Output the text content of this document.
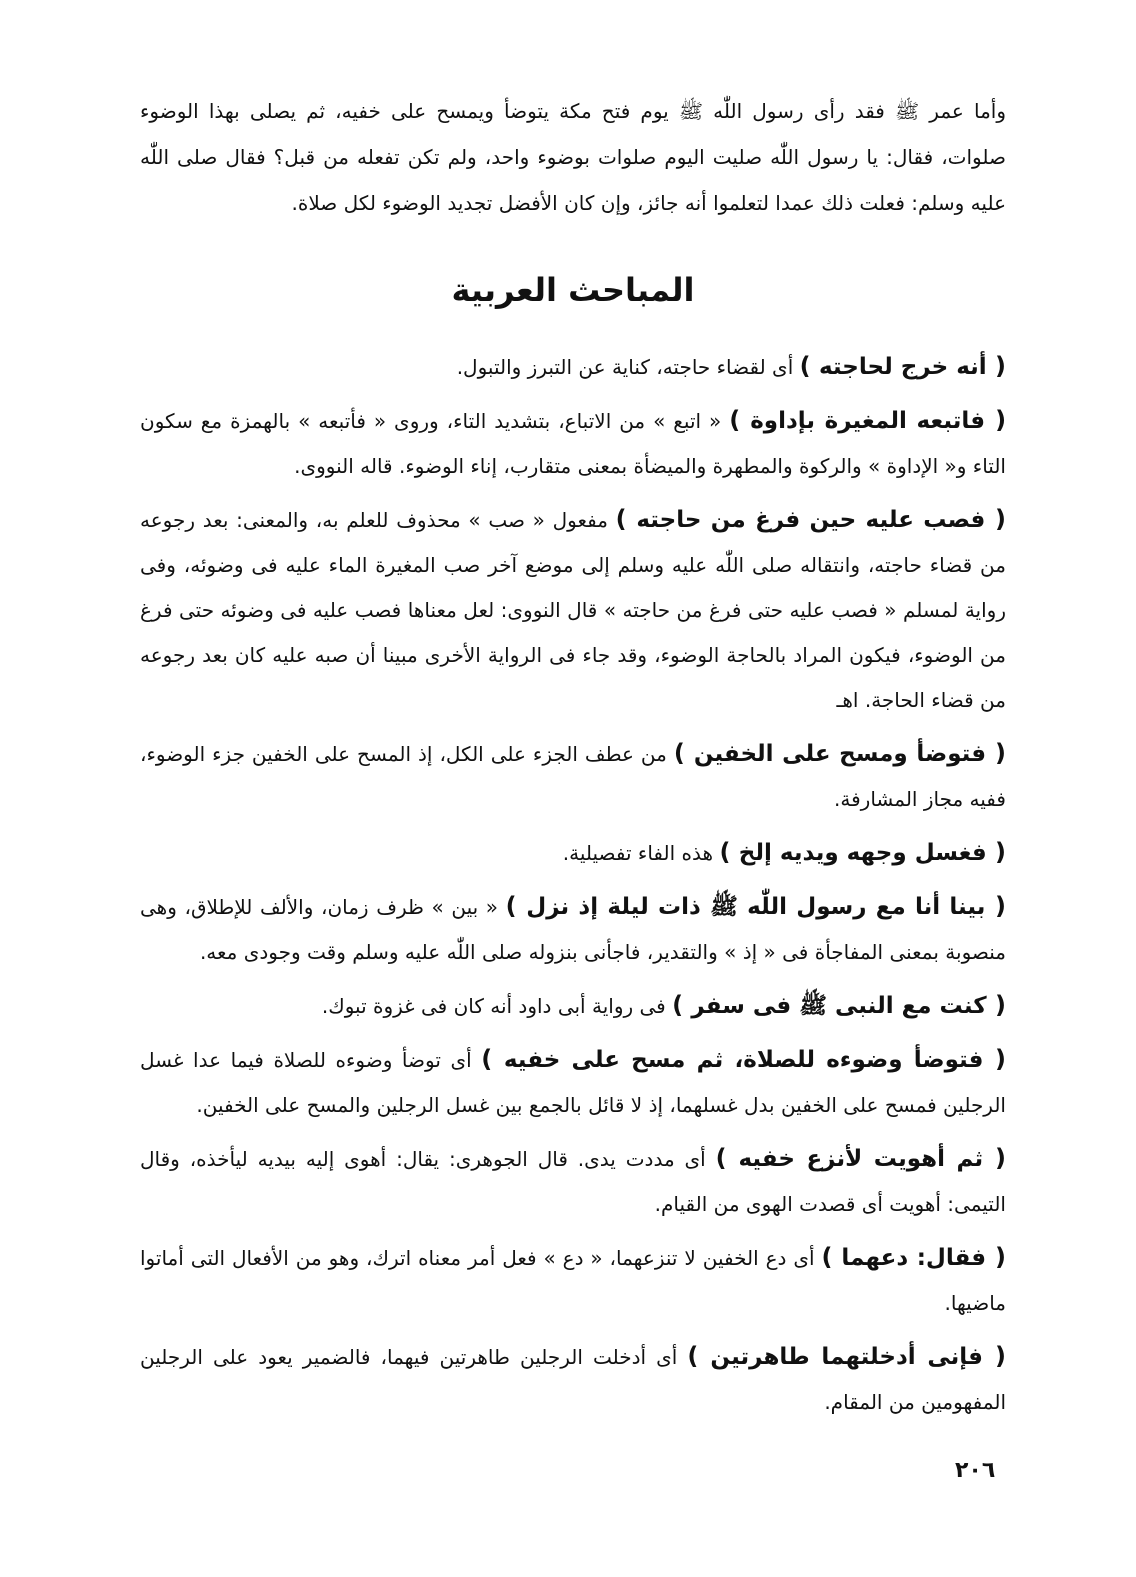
وأما عمر ﷺ فقد رأى رسول اللّٰه ﷺ يوم فتح مكة يتوضأ ويمسح على خفيه، ثم يصلى بهذا الوضوء صلوات، فقال: يا رسول اللّٰه صليت اليوم صلوات بوضوء واحد، ولم تكن تفعله من قبل؟ فقال صلى اللّٰه عليه وسلم: فعلت ذلك عمدا لتعلموا أنه جائز، وإن كان الأفضل تجديد الوضوء لكل صلاة.

المباحث العربية

( أنه خرج لحاجته ) أى لقضاء حاجته، كناية عن التبرز والتبول.

( فاتبعه المغيرة بإداوة ) « اتبع » من الاتباع، بتشديد التاء، وروى « فأتبعه » بالهمزة مع سكون التاء و« الإداوة » والركوة والمطهرة والميضأة بمعنى متقارب، إناء الوضوء. قاله النووى.

( فصب عليه حين فرغ من حاجته ) مفعول « صب » محذوف للعلم به، والمعنى: بعد رجوعه من قضاء حاجته، وانتقاله صلى اللّٰه عليه وسلم إلى موضع آخر صب المغيرة الماء عليه فى وضوئه، وفى رواية لمسلم « فصب عليه حتى فرغ من حاجته » قال النووى: لعل معناها فصب عليه فى وضوئه حتى فرغ من الوضوء، فيكون المراد بالحاجة الوضوء، وقد جاء فى الرواية الأخرى مبينا أن صبه عليه كان بعد رجوعه من قضاء الحاجة. اهـ

( فتوضأ ومسح على الخفين ) من عطف الجزء على الكل، إذ المسح على الخفين جزء الوضوء، ففيه مجاز المشارفة.

( فغسل وجهه ويديه إلخ ) هذه الفاء تفصيلية.

( بينا أنا مع رسول اللّٰه ﷺ ذات ليلة إذ نزل ) « بين » ظرف زمان، والألف للإطلاق، وهى منصوبة بمعنى المفاجأة فى « إذ » والتقدير، فاجأنى بنزوله صلى اللّٰه عليه وسلم وقت وجودى معه.

( كنت مع النبى ﷺ فى سفر ) فى رواية أبى داود أنه كان فى غزوة تبوك.

( فتوضأ وضوءه للصلاة، ثم مسح على خفيه ) أى توضأ وضوءه للصلاة فيما عدا غسل الرجلين فمسح على الخفين بدل غسلهما، إذ لا قائل بالجمع بين غسل الرجلين والمسح على الخفين.

( ثم أهويت لأنزع خفيه ) أى مددت يدى. قال الجوهرى: يقال: أهوى إليه بيديه ليأخذه، وقال التيمى: أهويت أى قصدت الهوى من القيام.

( فقال: دعهما ) أى دع الخفين لا تنزعهما، « دع » فعل أمر معناه اترك، وهو من الأفعال التى أماتوا ماضيها.

( فإنى أدخلتهما طاهرتين ) أى أدخلت الرجلين طاهرتين فيهما، فالضمير يعود على الرجلين المفهومين من المقام.

٢٠٦
